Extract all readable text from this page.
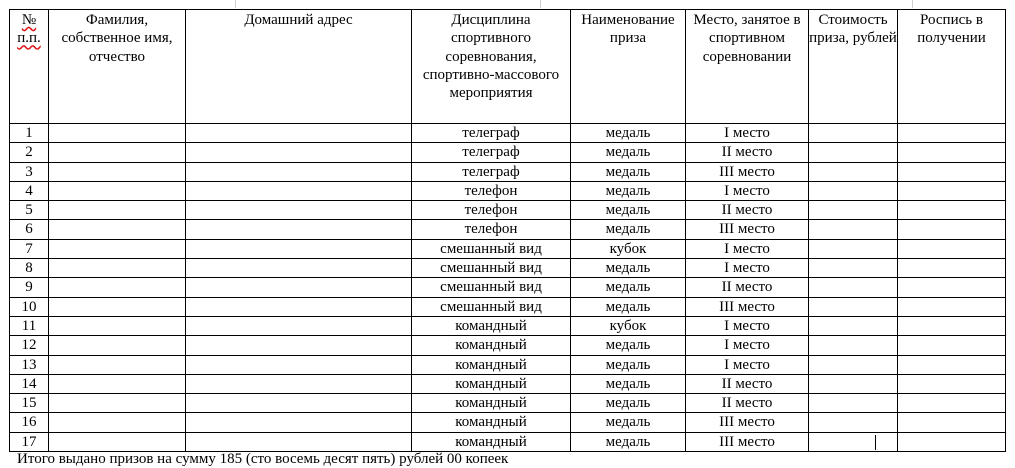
№ п.п.	Фамилия, собственное имя, отчество	Домашний адрес	Дисциплина спортивного соревнования, спортивно-массового мероприятия	Наименование приза	Место, занятое в спортивном соревновании	Стоимость приза, рублей	Роспись в получении
1			телеграф	медаль	I место		
2			телеграф	медаль	II место		
3			телеграф	медаль	III место		
4			телефон	медаль	I место		
5			телефон	медаль	II место		
6			телефон	медаль	III место		
7			смешанный вид	кубок	I место		
8			смешанный вид	медаль	I место		
9			смешанный вид	медаль	II место		
10			смешанный вид	медаль	III место		
11			командный	кубок	I место		
12			командный	медаль	I место		
13			командный	медаль	I место		
14			командный	медаль	II место		
15			командный	медаль	II место		
16			командный	медаль	III место		
17			командный	медаль	III место		
Итого выдано призов на сумму 185 (сто восемь десят пять) рублей 00 копеек
